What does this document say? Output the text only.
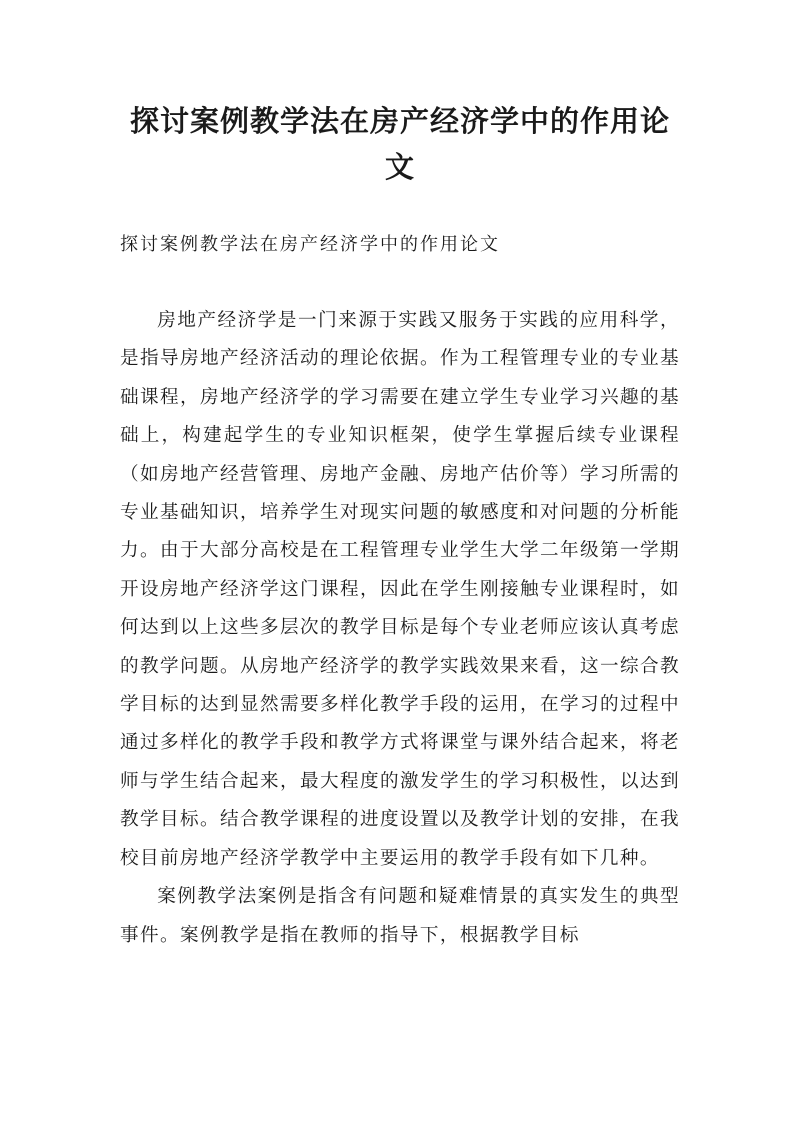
探讨案例教学法在房产经济学中的作用论文

探讨案例教学法在房产经济学中的作用论文

房地产经济学是一门来源于实践又服务于实践的应用科学，是指导房地产经济活动的理论依据。作为工程管理专业的专业基础课程，房地产经济学的学习需要在建立学生专业学习兴趣的基础上，构建起学生的专业知识框架，使学生掌握后续专业课程（如房地产经营管理、房地产金融、房地产估价等）学习所需的专业基础知识，培养学生对现实问题的敏感度和对问题的分析能力。由于大部分高校是在工程管理专业学生大学二年级第一学期开设房地产经济学这门课程，因此在学生刚接触专业课程时，如何达到以上这些多层次的教学目标是每个专业老师应该认真考虑的教学问题。从房地产经济学的教学实践效果来看，这一综合教学目标的达到显然需要多样化教学手段的运用，在学习的过程中通过多样化的教学手段和教学方式将课堂与课外结合起来，将老师与学生结合起来，最大程度的激发学生的学习积极性，以达到教学目标。结合教学课程的进度设置以及教学计划的安排，在我校目前房地产经济学教学中主要运用的教学手段有如下几种。

案例教学法案例是指含有问题和疑难情景的真实发生的典型事件。案例教学是指在教师的指导下，根据教学目标
